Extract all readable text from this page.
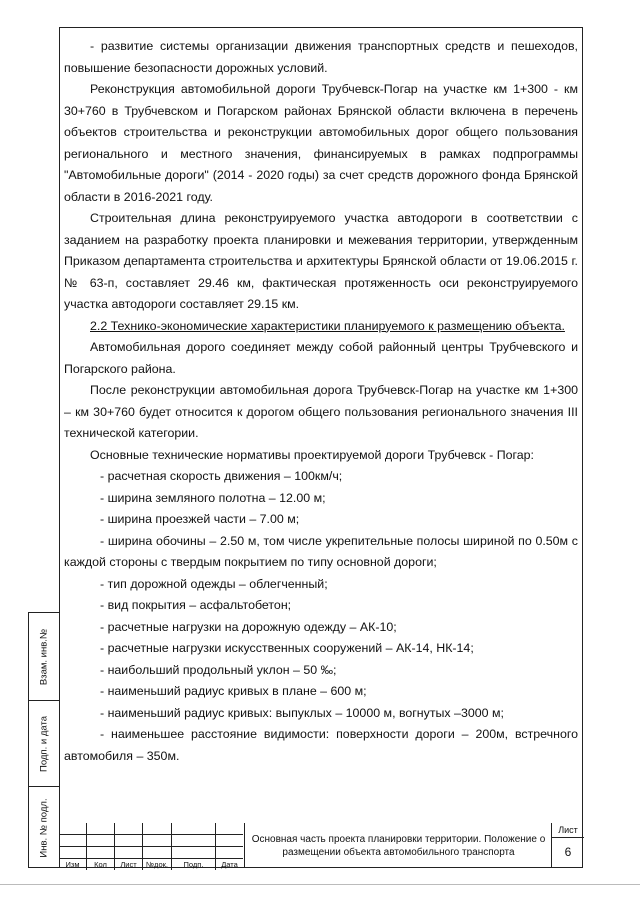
- развитие системы организации движения транспортных средств и пешеходов, повышение безопасности дорожных условий.

Реконструкция автомобильной дороги Трубчевск-Погар на участке км 1+300 - км 30+760 в Трубчевском и Погарском районах Брянской области включена в перечень объектов строительства и реконструкции автомобильных дорог общего пользования регионального и местного значения, финансируемых в рамках подпрограммы "Автомобильные дороги" (2014 - 2020 годы) за счет средств дорожного фонда Брянской области в 2016-2021 году.

Строительная длина реконструируемого участка автодороги в соответствии с заданием на разработку проекта планировки и межевания территории, утвержденным Приказом департамента строительства и архитектуры Брянской области от 19.06.2015 г. № 63-п, составляет 29.46 км, фактическая протяженность оси реконструируемого участка автодороги составляет 29.15 км.

2.2 Технико-экономические характеристики планируемого к размещению объекта.

Автомобильная дорого соединяет между собой районный центры Трубчевского и Погарского района.

После реконструкции автомобильная дорога Трубчевск-Погар на участке км 1+300 – км 30+760 будет относится к дорогом общего пользования регионального значения III технической категории.

Основные технические нормативы проектируемой дороги Трубчевск - Погар:

- расчетная скорость движения – 100км/ч;

- ширина земляного полотна – 12.00 м;

- ширина проезжей части – 7.00 м;

- ширина обочины – 2.50 м, том числе укрепительные полосы шириной по 0.50м с каждой стороны с твердым покрытием по типу основной дороги;

- тип дорожной одежды – облегченный;

- вид покрытия – асфальтобетон;

- расчетные нагрузки на дорожную одежду – АК-10;

- расчетные нагрузки искусственных сооружений – АК-14, НК-14;

- наибольший продольный уклон – 50 ‰;

- наименьший радиус кривых в плане – 600 м;

- наименьший радиус кривых: выпуклых – 10000 м, вогнутых –3000 м;

- наименьшее расстояние видимости: поверхности дороги – 200м, встречного автомобиля – 350м.

Взам. инв.№
Подп. и дата
Инв. № подл.

Изм	Кол	Лист	№док.	Подп.	Дата
Основная часть проекта планировки территории. Положение о размещении объекта автомобильного транспорта
Лист
6
